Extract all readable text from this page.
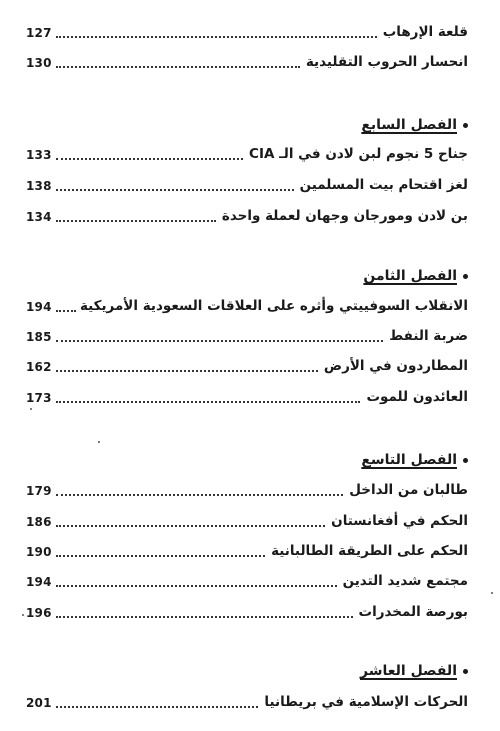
127	قلعة الإرهاب
130	انحسار الحروب التقليدية
الفصل السابع
133	جناح 5 نجوم لبن لادن في الـ CIA
138	لغز اقتحام بيت المسلمين
134	بن لادن ومورجان وجهان لعملة واحدة
الفصل الثامن
194 الانقلاب السوفييتي وأثره على العلاقات السعودية الأمريكية
185	ضربة النفط
162	المطاردون في الأرض
173	العائدون للموت
الفصل التاسع
179	طالبان من الداخل
186	الحكم في أفغانستان
190	الحكم على الطريقة الطالبانية
194	مجتمع شديد التدين
196	بورصة المخدرات
الفصل العاشر
201	الحركات الإسلامية في بريطانيا
